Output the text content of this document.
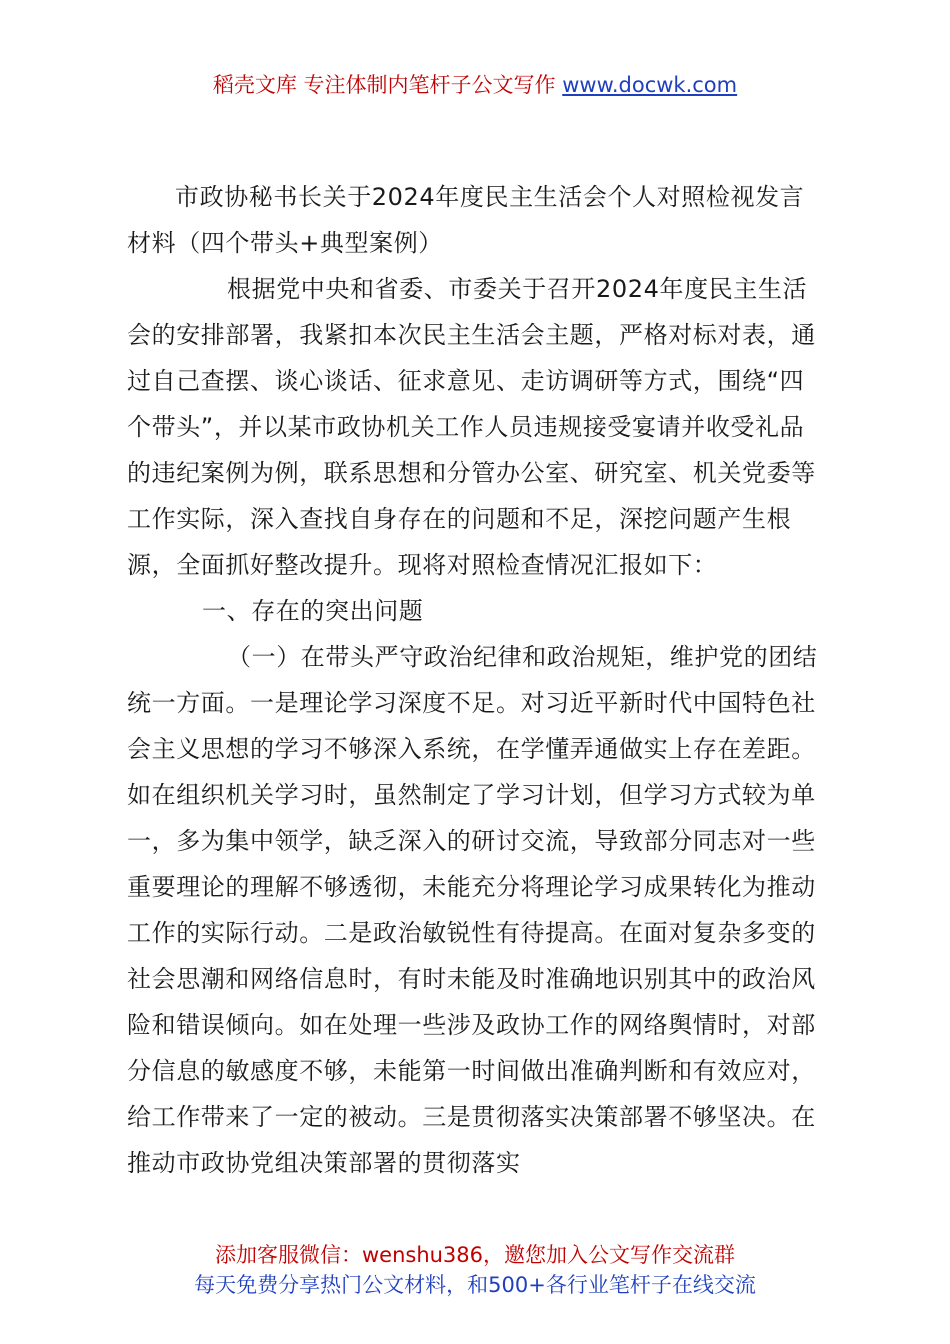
稻壳文库 专注体制内笔杆子公文写作 www.docwk.com

市政协秘书长关于2024年度民主生活会个人对照检视发言材料（四个带头+典型案例）

根据党中央和省委、市委关于召开2024年度民主生活会的安排部署，我紧扣本次民主生活会主题，严格对标对表，通过自己查摆、谈心谈话、征求意见、走访调研等方式，围绕“四个带头”，并以某市政协机关工作人员违规接受宴请并收受礼品的违纪案例为例，联系思想和分管办公室、研究室、机关党委等工作实际，深入查找自身存在的问题和不足，深挖问题产生根源，全面抓好整改提升。现将对照检查情况汇报如下：

一、存在的突出问题

（一）在带头严守政治纪律和政治规矩，维护党的团结统一方面。一是理论学习深度不足。对习近平新时代中国特色社会主义思想的学习不够深入系统，在学懂弄通做实上存在差距。如在组织机关学习时，虽然制定了学习计划，但学习方式较为单一，多为集中领学，缺乏深入的研讨交流，导致部分同志对一些重要理论的理解不够透彻，未能充分将理论学习成果转化为推动工作的实际行动。二是政治敏锐性有待提高。在面对复杂多变的社会思潮和网络信息时，有时未能及时准确地识别其中的政治风险和错误倾向。如在处理一些涉及政协工作的网络舆情时，对部分信息的敏感度不够，未能第一时间做出准确判断和有效应对，给工作带来了一定的被动。三是贯彻落实决策部署不够坚决。在推动市政协党组决策部署的贯彻落实

添加客服微信：wenshu386，邀您加入公文写作交流群
每天免费分享热门公文材料，和500+各行业笔杆子在线交流
